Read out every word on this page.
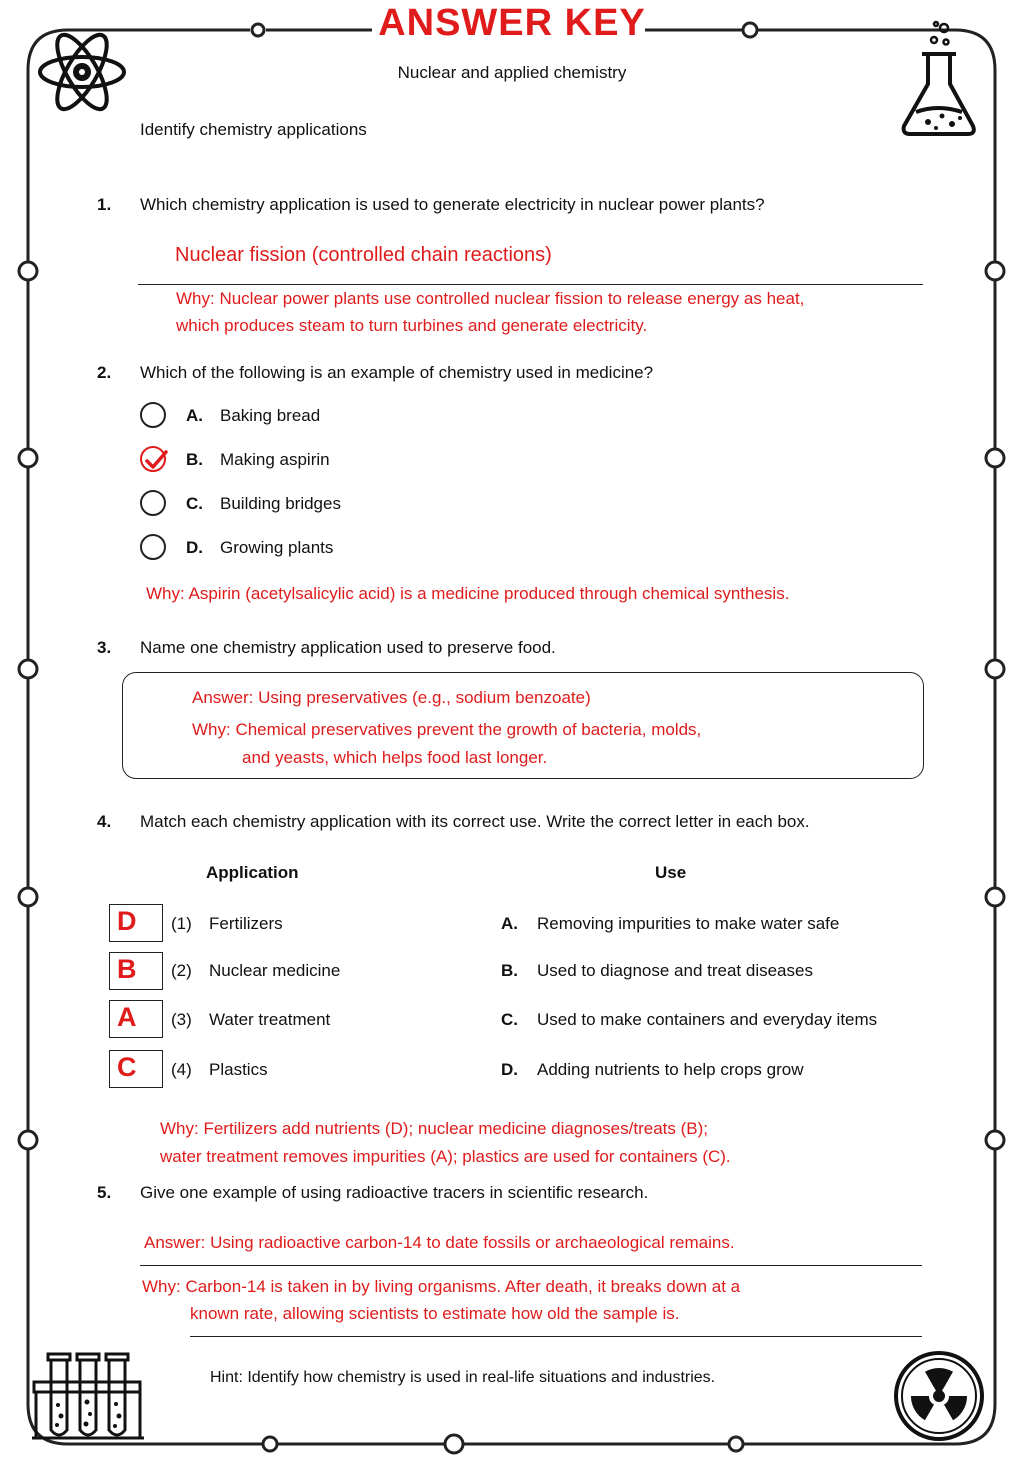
ANSWER KEY
Nuclear and applied chemistry
Identify chemistry applications
1. Which chemistry application is used to generate electricity in nuclear power plants?
Nuclear fission (controlled chain reactions)
Why: Nuclear power plants use controlled nuclear fission to release energy as heat,
which produces steam to turn turbines and generate electricity.
2. Which of the following is an example of chemistry used in medicine?
A. Baking bread
B. Making aspirin
C. Building bridges
D. Growing plants
Why: Aspirin (acetylsalicylic acid) is a medicine produced through chemical synthesis.
3. Name one chemistry application used to preserve food.
Answer: Using preservatives (e.g., sodium benzoate)
Why: Chemical preservatives prevent the growth of bacteria, molds,
and yeasts, which helps food last longer.
4. Match each chemistry application with its correct use. Write the correct letter in each box.
Application	Use
D (1) Fertilizers	A. Removing impurities to make water safe
B (2) Nuclear medicine	B. Used to diagnose and treat diseases
A (3) Water treatment	C. Used to make containers and everyday items
C (4) Plastics	D. Adding nutrients to help crops grow
Why: Fertilizers add nutrients (D); nuclear medicine diagnoses/treats (B);
water treatment removes impurities (A); plastics are used for containers (C).
5. Give one example of using radioactive tracers in scientific research.
Answer: Using radioactive carbon-14 to date fossils or archaeological remains.
Why: Carbon-14 is taken in by living organisms. After death, it breaks down at a
known rate, allowing scientists to estimate how old the sample is.
Hint: Identify how chemistry is used in real-life situations and industries.
